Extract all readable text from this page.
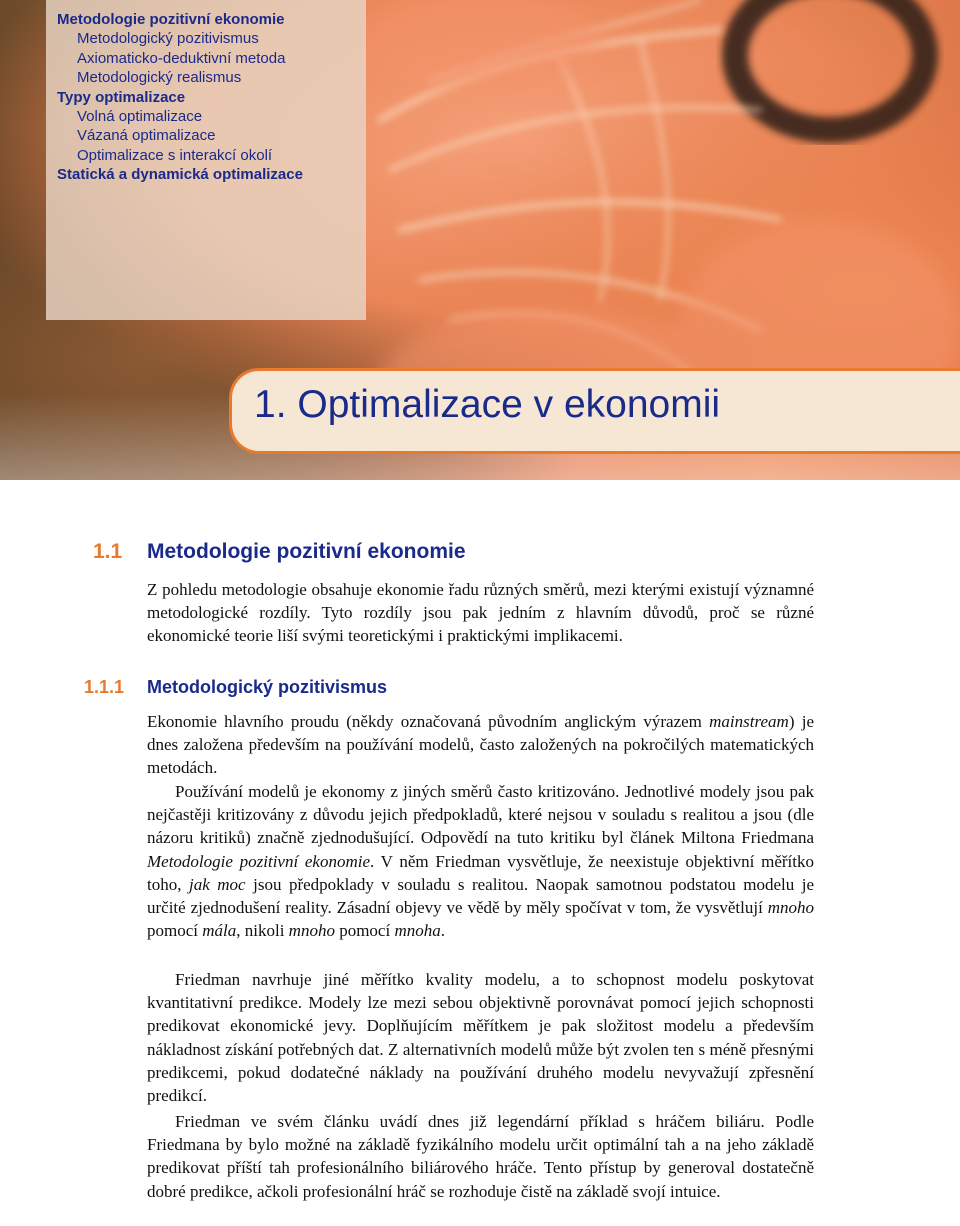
Metodologie pozitivní ekonomie
Metodologický pozitivismus
Axiomaticko-deduktivní metoda
Metodologický realismus
Typy optimalizace
Volná optimalizace
Vázaná optimalizace
Optimalizace s interakcí okolí
Statická a dynamická optimalizace
1. Optimalizace v ekonomii
1.1 Metodologie pozitivní ekonomie

Z pohledu metodologie obsahuje ekonomie řadu různých směrů, mezi kterými existují významné metodologické rozdíly. Tyto rozdíly jsou pak jedním z hlavním důvodů, proč se různé ekonomické teorie liší svými teoretickými i praktickými implikacemi.

1.1.1 Metodologický pozitivismus

Ekonomie hlavního proudu (někdy označovaná původním anglickým výrazem mainstream) je dnes založena především na používání modelů, často založených na pokročilých matematických metodách.

Používání modelů je ekonomy z jiných směrů často kritizováno. Jednotlivé modely jsou pak nejčastěji kritizovány z důvodu jejich předpokladů, které nejsou v souladu s realitou a jsou (dle názoru kritiků) značně zjednodušující. Odpovědí na tuto kritiku byl článek Miltona Friedmana Metodologie pozitivní ekonomie. V něm Friedman vysvětluje, že neexistuje objektivní měřítko toho, jak moc jsou předpoklady v souladu s realitou. Naopak samotnou podstatou modelu je určité zjednodušení reality. Zásadní objevy ve vědě by měly spočívat v tom, že vysvětlují mnoho pomocí mála, nikoli mnoho pomocí mnoha.

Friedman navrhuje jiné měřítko kvality modelu, a to schopnost modelu poskytovat kvantitativní predikce. Modely lze mezi sebou objektivně porovnávat pomocí jejich schopnosti predikovat ekonomické jevy. Doplňujícím měřítkem je pak složitost modelu a především nákladnost získání potřebných dat. Z alternativních modelů může být zvolen ten s méně přesnými predikcemi, pokud dodatečné náklady na používání druhého modelu nevyvažují zpřesnění predikcí.

Friedman ve svém článku uvádí dnes již legendární příklad s hráčem biliáru. Podle Friedmana by bylo možné na základě fyzikálního modelu určit optimální tah a na jeho základě predikovat příští tah profesionálního biliárového hráče. Tento přístup by generoval dostatečně dobré predikce, ačkoli profesionální hráč se rozhoduje čistě na základě svojí intuice.
